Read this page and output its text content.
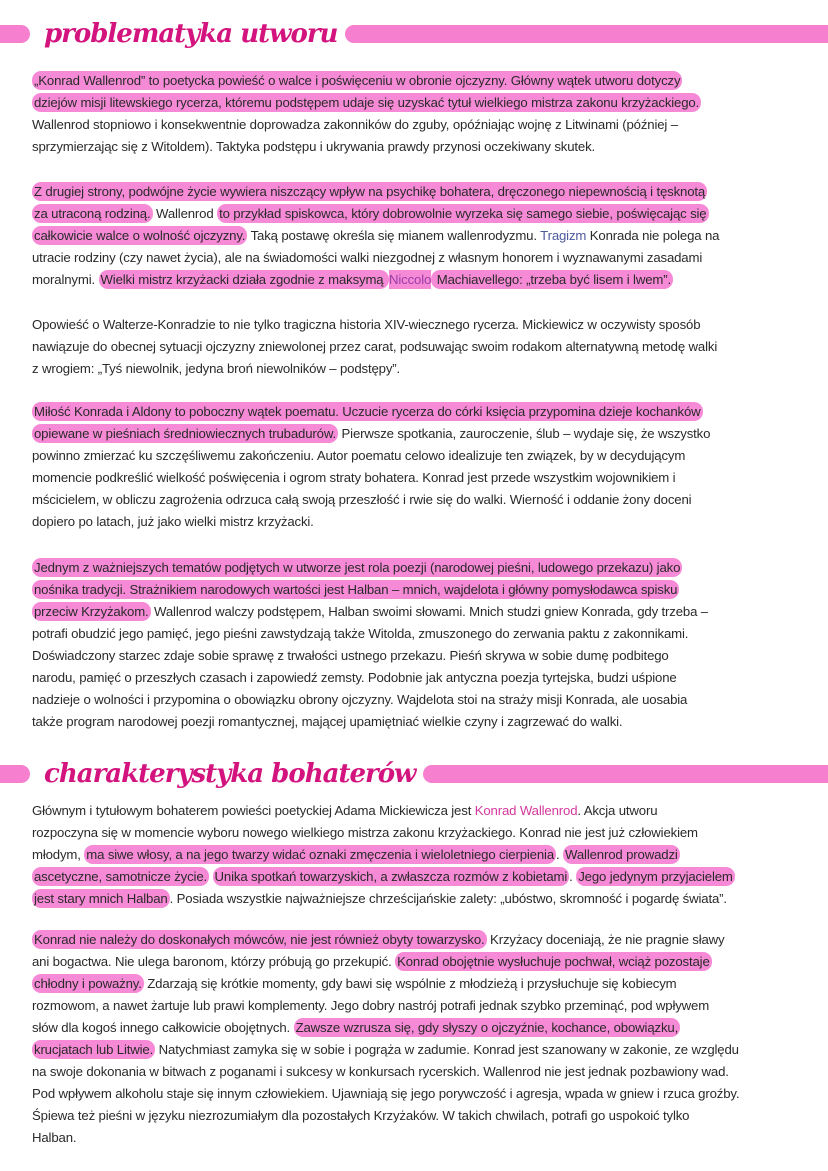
problematyka utworu
charakterystyka bohaterów
„Konrad Wallenrod” to poetycka powieść o walce i poświęceniu w obronie ojczyzny. Główny wątek utworu dotyczy
dziejów misji litewskiego rycerza, któremu podstępem udaje się uzyskać tytuł wielkiego mistrza zakonu krzyżackiego.
Wallenrod stopniowo i konsekwentnie doprowadza zakonników do zguby, opóźniając wojnę z Litwinami (później –
sprzymierzając się z Witoldem). Taktyka podstępu i ukrywania prawdy przynosi oczekiwany skutek.
Z drugiej strony, podwójne życie wywiera niszczący wpływ na psychikę bohatera, dręczonego niepewnością i tęsknotą
za utraconą rodziną. Wallenrod to przykład spiskowca, który dobrowolnie wyrzeka się samego siebie, poświęcając się
całkowicie walce o wolność ojczyzny. Taką postawę określa się mianem wallenrodyzmu. Tragizm Konrada nie polega na
utracie rodziny (czy nawet życia), ale na świadomości walki niezgodnej z własnym honorem i wyznawanymi zasadami
moralnymi. Wielki mistrz krzyżacki działa zgodnie z maksymą Niccolo Machiavellego: „trzeba być lisem i lwem”.
Opowieść o Walterze-Konradzie to nie tylko tragiczna historia XIV-wiecznego rycerza. Mickiewicz w oczywisty sposób
nawiązuje do obecnej sytuacji ojczyzny zniewolonej przez carat, podsuwając swoim rodakom alternatywną metodę walki
z wrogiem: „Tyś niewolnik, jedyna broń niewolników – podstępy”.
Miłość Konrada i Aldony to poboczny wątek poematu. Uczucie rycerza do córki księcia przypomina dzieje kochanków
opiewane w pieśniach średniowiecznych trubadurów. Pierwsze spotkania, zauroczenie, ślub – wydaje się, że wszystko
powinno zmierzać ku szczęśliwemu zakończeniu. Autor poematu celowo idealizuje ten związek, by w decydującym
momencie podkreślić wielkość poświęcenia i ogrom straty bohatera. Konrad jest przede wszystkim wojownikiem i
mścicielem, w obliczu zagrożenia odrzuca całą swoją przeszłość i rwie się do walki. Wierność i oddanie żony doceni
dopiero po latach, już jako wielki mistrz krzyżacki.
Jednym z ważniejszych tematów podjętych w utworze jest rola poezji (narodowej pieśni, ludowego przekazu) jako
nośnika tradycji. Strażnikiem narodowych wartości jest Halban – mnich, wajdelota i główny pomysłodawca spisku
przeciw Krzyżakom. Wallenrod walczy podstępem, Halban swoimi słowami. Mnich studzi gniew Konrada, gdy trzeba –
potrafi obudzić jego pamięć, jego pieśni zawstydzają także Witolda, zmuszonego do zerwania paktu z zakonnikami.
Doświadczony starzec zdaje sobie sprawę z trwałości ustnego przekazu. Pieśń skrywa w sobie dumę podbitego
narodu, pamięć o przeszłych czasach i zapowiedź zemsty. Podobnie jak antyczna poezja tyrtejska, budzi uśpione
nadzieje o wolności i przypomina o obowiązku obrony ojczyzny. Wajdelota stoi na straży misji Konrada, ale uosabia
także program narodowej poezji romantycznej, mającej upamiętniać wielkie czyny i zagrzewać do walki.
Głównym i tytułowym bohaterem powieści poetyckiej Adama Mickiewicza jest Konrad Wallenrod. Akcja utworu
rozpoczyna się w momencie wyboru nowego wielkiego mistrza zakonu krzyżackiego. Konrad nie jest już człowiekiem
młodym, ma siwe włosy, a na jego twarzy widać oznaki zmęczenia i wieloletniego cierpienia . Wallenrod prowadzi
ascetyczne, samotnicze życie. Unika spotkań towarzyskich, a zwłaszcza rozmów z kobietami . Jego jedynym przyjacielem
jest stary mnich Halban . Posiada wszystkie najważniejsze chrześcijańskie zalety: „ubóstwo, skromność i pogardę świata”.
Konrad nie należy do doskonałych mówców, nie jest również obyty towarzysko. Krzyżacy doceniają, że nie pragnie sławy
ani bogactwa. Nie ulega baronom, którzy próbują go przekupić. Konrad obojętnie wysłuchuje pochwał, wciąż pozostaje
chłodny i poważny. Zdarzają się krótkie momenty, gdy bawi się wspólnie z młodzieżą i przysłuchuje się kobiecym
rozmowom, a nawet żartuje lub prawi komplementy. Jego dobry nastrój potrafi jednak szybko przeminąć, pod wpływem
słów dla kogoś innego całkowicie obojętnych. Zawsze wzrusza się, gdy słyszy o ojczyźnie, kochance, obowiązku,
krucjatach lub Litwie. Natychmiast zamyka się w sobie i pogrąża w zadumie. Konrad jest szanowany w zakonie, ze względu
na swoje dokonania w bitwach z poganami i sukcesy w konkursach rycerskich. Wallenrod nie jest jednak pozbawiony wad.
Pod wpływem alkoholu staje się innym człowiekiem. Ujawniają się jego porywczość i agresja, wpada w gniew i rzuca groźby.
Śpiewa też pieśni w języku niezrozumiałym dla pozostałych Krzyżaków. W takich chwilach, potrafi go uspokoić tylko
Halban.
